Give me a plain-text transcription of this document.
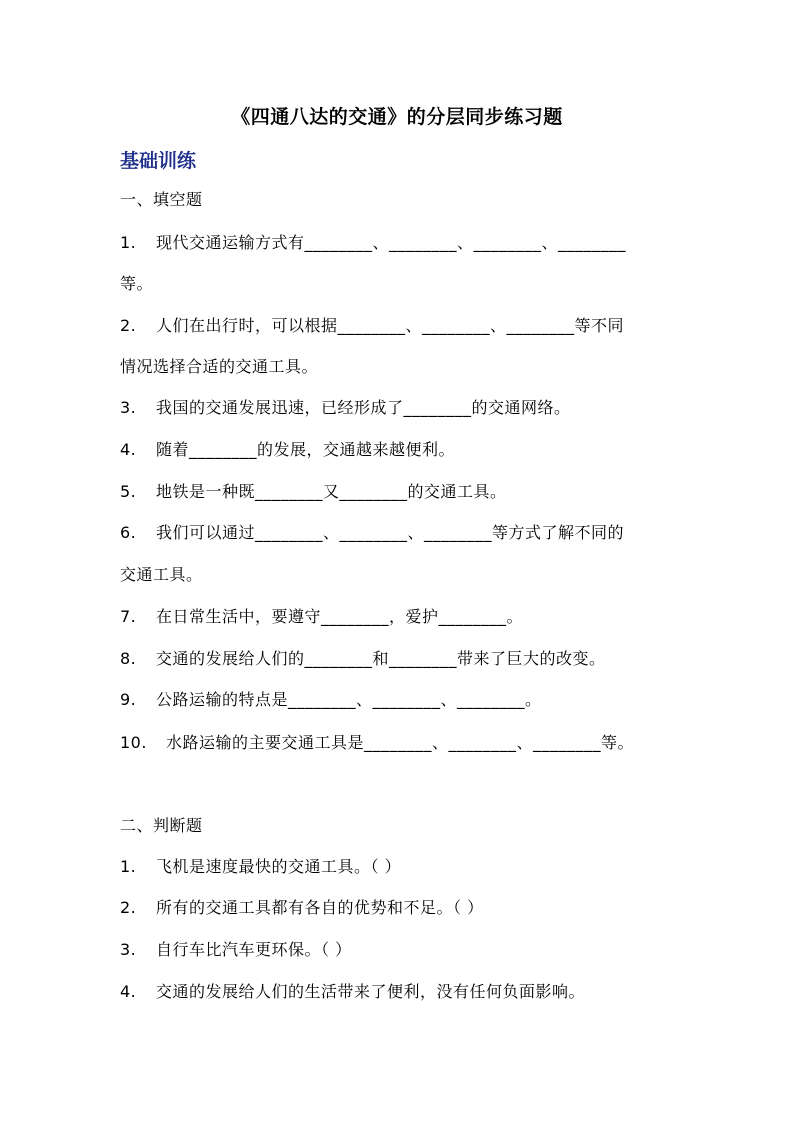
《四通八达的交通》的分层同步练习题
基础训练
一、填空题
1. 现代交通运输方式有________、________、________、________
等。
2. 人们在出行时，可以根据________、________、________等不同
情况选择合适的交通工具。
3. 我国的交通发展迅速，已经形成了________的交通网络。
4. 随着________的发展，交通越来越便利。
5. 地铁是一种既________又________的交通工具。
6. 我们可以通过________、________、________等方式了解不同的
交通工具。
7. 在日常生活中，要遵守________，爱护________。
8. 交通的发展给人们的________和________带来了巨大的改变。
9. 公路运输的特点是________、________、________。
10. 水路运输的主要交通工具是________、________、________等。
二、判断题
1. 飞机是速度最快的交通工具。（ ）
2. 所有的交通工具都有各自的优势和不足。（ ）
3. 自行车比汽车更环保。（ ）
4. 交通的发展给人们的生活带来了便利，没有任何负面影响。
